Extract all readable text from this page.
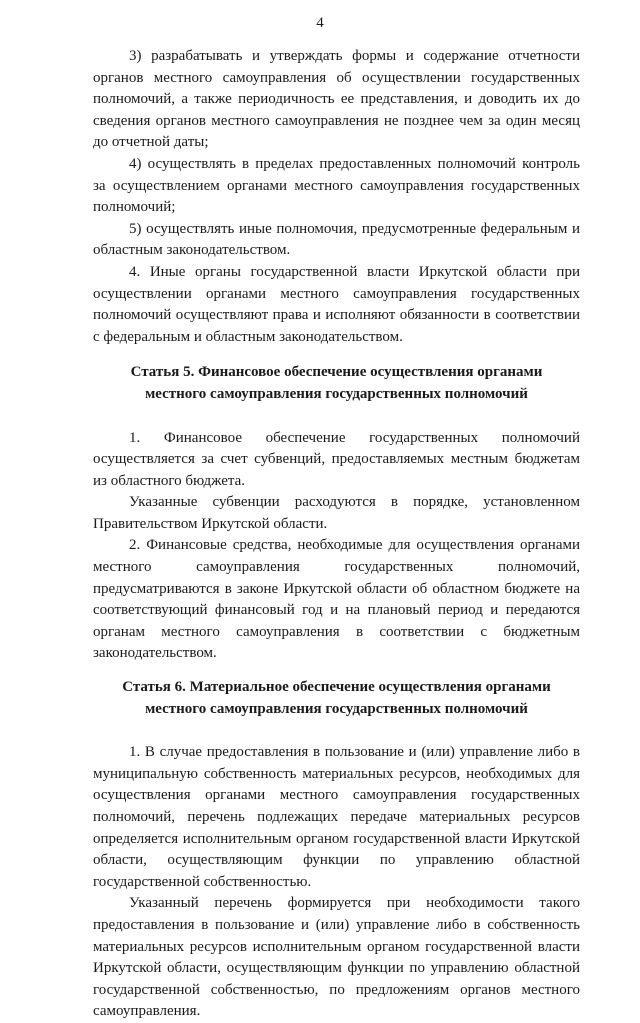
4

3) разрабатывать и утверждать формы и содержание отчетности органов местного самоуправления об осуществлении государственных полномочий, а также периодичность ее представления, и доводить их до сведения органов местного самоуправления не позднее чем за один месяц до отчетной даты;

4) осуществлять в пределах предоставленных полномочий контроль за осуществлением органами местного самоуправления государственных полномочий;

5) осуществлять иные полномочия, предусмотренные федеральным и областным законодательством.

4. Иные органы государственной власти Иркутской области при осуществлении органами местного самоуправления государственных полномочий осуществляют права и исполняют обязанности в соответствии с федеральным и областным законодательством.

Статья 5. Финансовое обеспечение осуществления органами местного самоуправления государственных полномочий

1. Финансовое обеспечение государственных полномочий осуществляется за счет субвенций, предоставляемых местным бюджетам из областного бюджета.

Указанные субвенции расходуются в порядке, установленном Правительством Иркутской области.

2. Финансовые средства, необходимые для осуществления органами местного самоуправления государственных полномочий, предусматриваются в законе Иркутской области об областном бюджете на соответствующий финансовый год и на плановый период и передаются органам местного самоуправления в соответствии с бюджетным законодательством.

Статья 6. Материальное обеспечение осуществления органами местного самоуправления государственных полномочий

1. В случае предоставления в пользование и (или) управление либо в муниципальную собственность материальных ресурсов, необходимых для осуществления органами местного самоуправления государственных полномочий, перечень подлежащих передаче материальных ресурсов определяется исполнительным органом государственной власти Иркутской области, осуществляющим функции по управлению областной государственной собственностью.

Указанный перечень формируется при необходимости такого предоставления в пользование и (или) управление либо в собственность материальных ресурсов исполнительным органом государственной власти Иркутской области, осуществляющим функции по управлению областной государственной собственностью, по предложениям органов местного самоуправления.
